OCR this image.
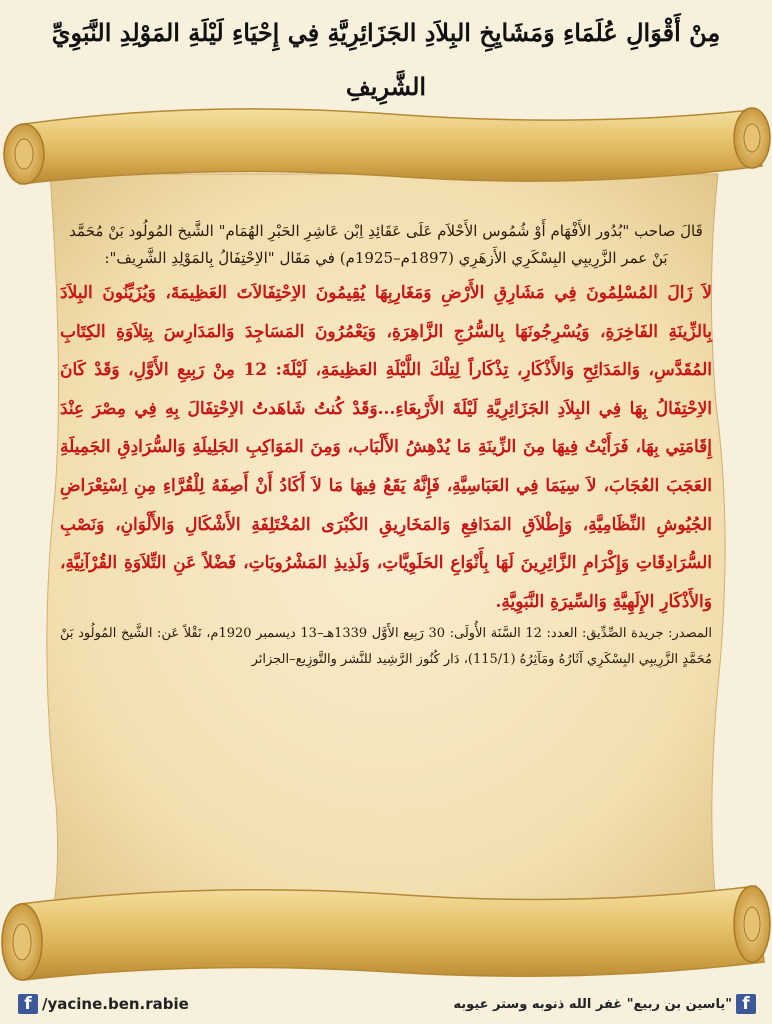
مِنْ أَقْوَالِ عُلَمَاءِ وَمَشَايِخِ البِلاَدِ الجَزَائِرِيَّةِ فِي إِحْيَاءِ لَيْلَةِ المَوْلِدِ النَّبَوِيِّ الشَّرِيفِ
قَالَ صاحب "بُدُور الأَفْهَام أَوْ شُمُوس الأَحْلاَم عَلَى عَقَائِدِ اِبْن عَاشِرِ الحَبْرِ الهُمَام" الشَّيخ المُولُود بَنْ مُحَمَّد بَنْ عمر الزَّرِيبِي البِسْكَرِي الأَزهَرِي (1897م–1925م) في مَقَال "الاِحْتِفَالُ بِالمَوْلِدِ الشَّرِيف":
لاَ زَالَ المُسْلِمُونَ فِي مَشَارِقِ الأَرْضِ وَمَغَارِبِهَا يُقِيمُونَ الاِحْتِفَالاَتَ العَظِيمَةَ، وَيُزَيِّنُونَ البِلاَدَ بِالزِّينَةِ الفَاخِرَةِ، وَيُسْرِجُونَهَا بِالسُّرُجِ الزَّاهِرَةِ، وَيَعْمُرُونَ المَسَاجِدَ وَالمَدَارِسَ بِتِلاَوَةِ الكِتَابِ المُقَدَّسِ، وَالمَدَائِحِ وَالأَذْكَارِ، تِذْكَاراً لِتِلْكَ اللَّيْلَةِ العَظِيمَةِ، لَيْلَةَ: 12 مِنْ رَبِيعِ الأَوَّلِ، وَقَدْ كَانَ الاِحْتِفَالُ بِهَا فِي البِلاَدِ الجَزَائِرِيَّةِ لَيْلَةَ الأَرْبِعَاءِ...وَقَدْ كُنتُ شَاهَدتُ الاِحْتِفَالَ بِهِ فِي مِصْرَ عِنْدَ إِقَامَتِي بِهَا، فَرَأَيْتُ فِيهَا مِنَ الزِّينَةِ مَا يُدْهِشُ الأَلْبَاب، وَمِنَ المَوَاكِبِ الجَلِيلَةِ وَالسُّرَادِقِ الجَمِيلَةِ العَجَبَ العُجَابَ، لاَ سِيَمَا فِي العَبَاسِيَّةِ، فَإِنَّهُ يَقَعُ فِيهَا مَا لاَ أَكَادُ أَنْ أَصِفَهُ لِلْقُرَّاءِ مِنِ اِسْتِعْرَاضِ الجُيُوشِ النِّظَامِيَّةِ، وَإِطْلاَقِ المَدَافِعِ وَالمَخَارِيقِ الكُبْرَى المُخْتَلِفَةِ الأَشْكَالِ وَالأَلْوَانِ، وَنَصْبِ السُّرَادِقَاتِ وَإِكْرَامِ الزَّائِرِينَ لَهَا بِأَنْوَاعِ الحَلَوِيَّاتِ، وَلَذِيذِ المَشْرُوبَاتِ، فَضْلاً عَنِ التِّلاَوَةِ القُرْآنِيَّةِ، وَالأَذْكَارِ الإِلَهِيَّةِ وَالسِّيرَةِ النَّبَوِيَّةِ.
المصدر: جريدة الصِّدِّيق: العدد: 12 السَّنَة الأُولَى: 30 رَبِيع الأَوَّل 1339هـ–13 ديسمبر 1920م، نَقْلاً عَن: الشَّيخ المُولُود بَنْ مُحَمَّدٍ الزَّرِيبِي البِسْكَرِي آثَارُهُ ومَآثِرُهُ (115/1)، دَار كُنُوز الرَّشِيد للنَّشر والتَّوزِيع–الجزائر
f /yacine.ben.rabie	f
"ياسين بن ربيع" غفر الله ذنوبه وستر عيوبه
